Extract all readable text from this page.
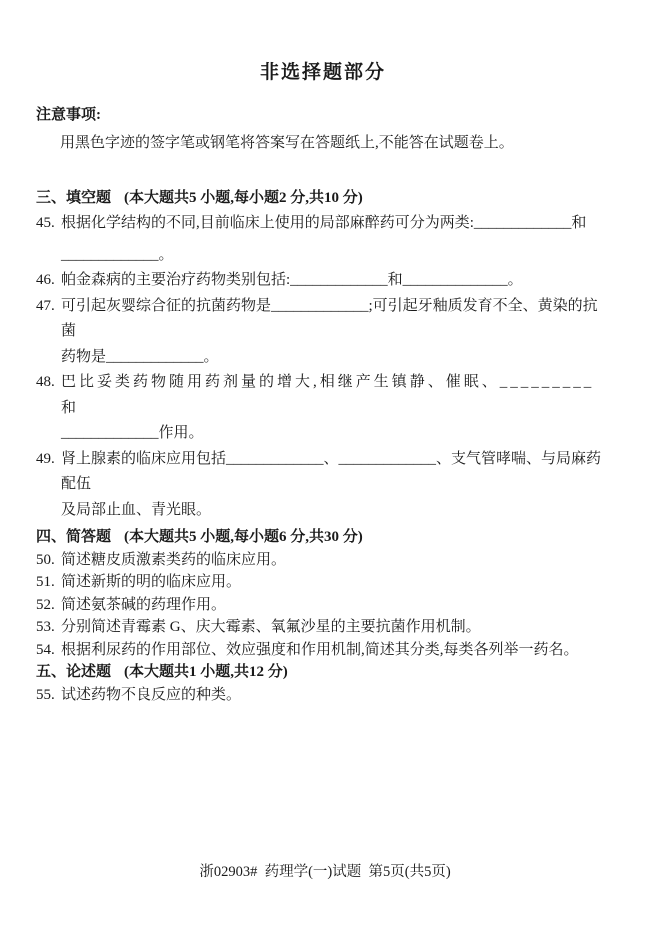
非选择题部分
注意事项:
用黑色字迹的签字笔或钢笔将答案写在答题纸上,不能答在试题卷上。
三、填空题 (本大题共5 小题,每小题2 分,共10 分)
45. 根据化学结构的不同,目前临床上使用的局部麻醉药可分为两类:_____________和
_____________。
46. 帕金森病的主要治疗药物类别包括:_____________和______________。
47. 可引起灰婴综合征的抗菌药物是_____________;可引起牙釉质发育不全、黄染的抗菌
药物是_____________。
48. 巴比妥类药物随用药剂量的增大,相继产生镇静、催眠、_________ 和
_____________作用。
49. 肾上腺素的临床应用包括_____________、_____________、支气管哮喘、与局麻药配伍
及局部止血、青光眼。
四、简答题 (本大题共5 小题,每小题6 分,共30 分)
50. 简述糖皮质激素类药的临床应用。
51. 简述新斯的明的临床应用。
52. 简述氨茶碱的药理作用。
53. 分别简述青霉素 G、庆大霉素、氧氟沙星的主要抗菌作用机制。
54. 根据利尿药的作用部位、效应强度和作用机制,简述其分类,每类各列举一药名。
五、论述题 (本大题共1 小题,共12 分)
55. 试述药物不良反应的种类。
浙02903#  药理学(一)试题  第5页(共5页)
